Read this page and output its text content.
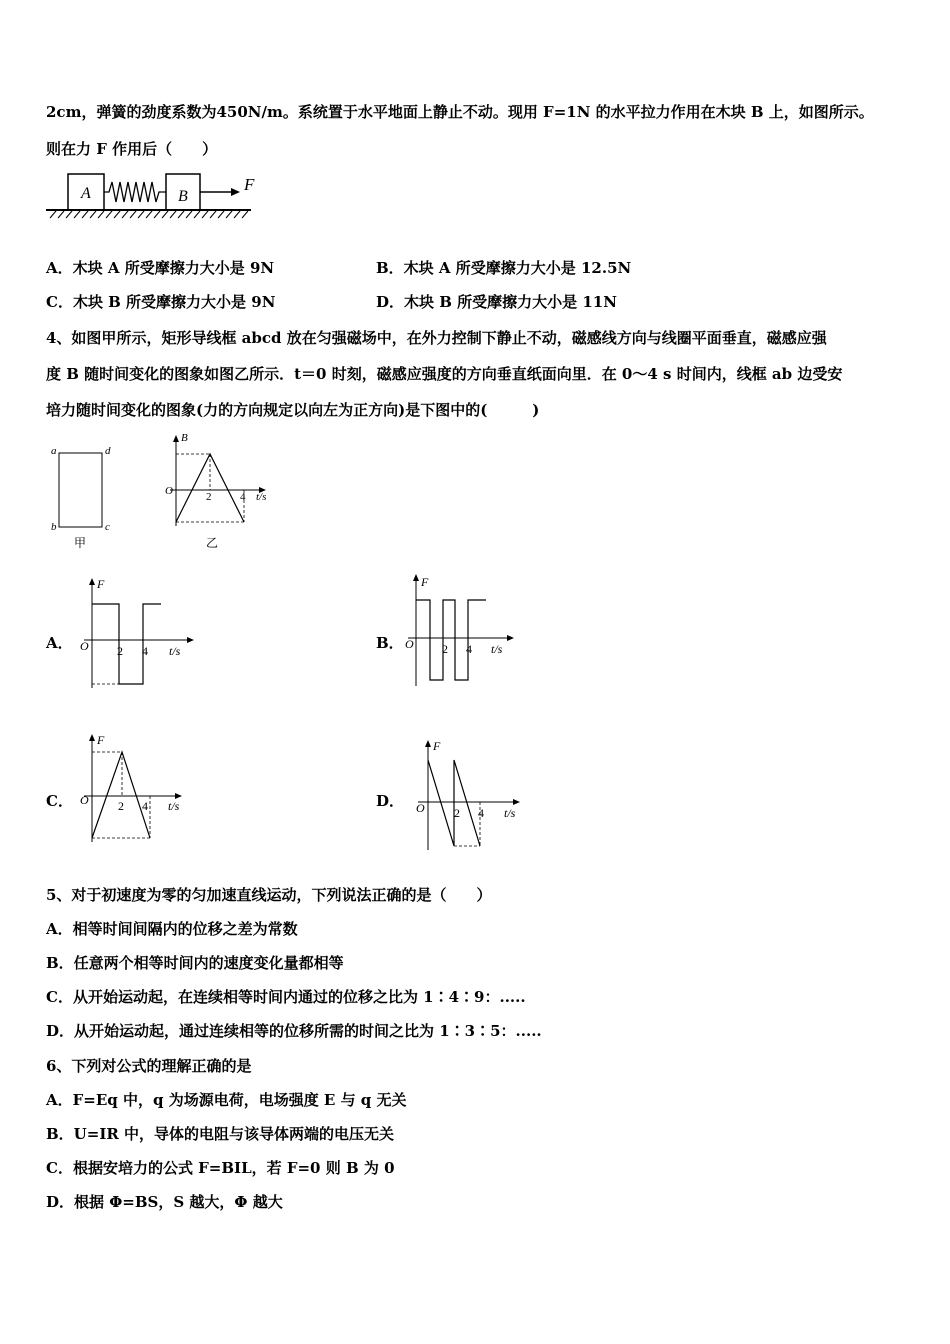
2cm，弹簧的劲度系数为450N/m。系统置于水平地面上静止不动。现用 F=1N 的水平拉力作用在木块 B 上，如图所示。
则在力 F 作用后（　　）
A	B
F
A．木块 A 所受摩擦力大小是 9N	B．木块 A 所受摩擦力大小是 12.5N
C．木块 B 所受摩擦力大小是 9N	D．木块 B 所受摩擦力大小是 11N
4、如图甲所示，矩形导线框 abcd 放在匀强磁场中，在外力控制下静止不动，磁感线方向与线圈平面垂直，磁感应强
度 B 随时间变化的图象如图乙所示．t＝0 时刻，磁感应强度的方向垂直纸面向里．在 0～4 s 时间内，线框 ab 边受安
培力随时间变化的图象(力的方向规定以向左为正方向)是下图中的(　　　)
a	d
b	c
甲
B
O	t/s
2	4
乙
A．
F
O 2 4 t/s	B．
F
O 2 4 t/s
C．
F
O 2 4 t/s	D．
F
O 2 4 t/s
5、对于初速度为零的匀加速直线运动，下列说法正确的是（　　）
A．相等时间间隔内的位移之差为常数
B．任意两个相等时间内的速度变化量都相等
C．从开始运动起，在连续相等时间内通过的位移之比为 1∶4∶9：.....
D．从开始运动起，通过连续相等的位移所需的时间之比为 1∶3∶5：.....
6、下列对公式的理解正确的是
A．F=Eq 中，q 为场源电荷，电场强度 E 与 q 无关
B．U=IR 中，导体的电阻与该导体两端的电压无关
C．根据安培力的公式 F=BIL，若 F=0 则 B 为 0
D．根据 Φ=BS，S 越大，Φ 越大
